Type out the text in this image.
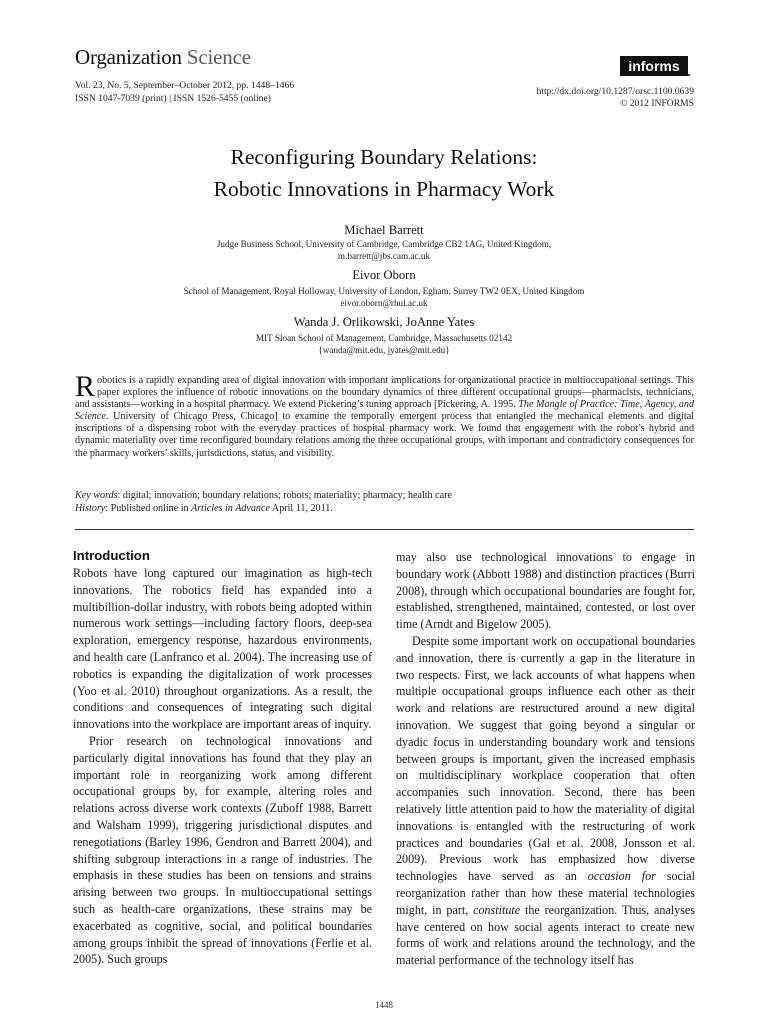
Organization Science
Vol. 23, No. 5, September–October 2012, pp. 1448–1466
ISSN 1047-7039 (print) | ISSN 1526-5455 (online)
informs
http://dx.doi.org/10.1287/orsc.1100.0639
© 2012 INFORMS
Reconfiguring Boundary Relations:
Robotic Innovations in Pharmacy Work
Michael Barrett
Judge Business School, University of Cambridge, Cambridge CB2 1AG, United Kingdom,
m.barrett@jbs.cam.ac.uk
Eivor Oborn
School of Management, Royal Holloway, University of London, Egham, Surrey TW2 0EX, United Kingdom
eivor.oborn@rhul.ac.uk
Wanda J. Orlikowski, JoAnne Yates
MIT Sloan School of Management, Cambridge, Massachusetts 02142
{wanda@mit.edu, jyates@mit.edu}
Robotics is a rapidly expanding area of digital innovation with important implications for organizational practice in multioccupational settings. This paper explores the influence of robotic innovations on the boundary dynamics of three different occupational groups—pharmacists, technicians, and assistants—working in a hospital pharmacy. We extend Pickering’s tuning approach [Pickering, A. 1995. The Mangle of Practice: Time, Agency, and Science. University of Chicago Press, Chicago] to examine the temporally emergent process that entangled the mechanical elements and digital inscriptions of a dispensing robot with the everyday practices of hospital pharmacy work. We found that engagement with the robot’s hybrid and dynamic materiality over time reconfigured boundary relations among the three occupational groups, with important and contradictory consequences for the pharmacy workers’ skills, jurisdictions, status, and visibility.
Key words: digital; innovation; boundary relations; robots; materiality; pharmacy; health care
History: Published online in Articles in Advance April 11, 2011.
Introduction

Robots have long captured our imagination as high-tech innovations. The robotics field has expanded into a multibillion-dollar industry, with robots being adopted within numerous work settings—including factory floors, deep-sea exploration, emergency response, hazardous environments, and health care (Lanfranco et al. 2004). The increasing use of robotics is expanding the digitalization of work processes (Yoo et al. 2010) throughout organizations. As a result, the conditions and consequences of integrating such digital innovations into the workplace are important areas of inquiry.

Prior research on technological innovations and particularly digital innovations has found that they play an important role in reorganizing work among different occupational groups by, for example, altering roles and relations across diverse work contexts (Zuboff 1988, Barrett and Walsham 1999), triggering jurisdictional disputes and renegotiations (Barley 1996, Gendron and Barrett 2004), and shifting subgroup interactions in a range of industries. The emphasis in these studies has been on tensions and strains arising between two groups. In multioccupational settings such as health-care organizations, these strains may be exacerbated as cognitive, social, and political boundaries among groups inhibit the spread of innovations (Ferlie et al. 2005). Such groups

may also use technological innovations to engage in boundary work (Abbott 1988) and distinction practices (Burri 2008), through which occupational boundaries are fought for, established, strengthened, maintained, contested, or lost over time (Arndt and Bigelow 2005).

Despite some important work on occupational boundaries and innovation, there is currently a gap in the literature in two respects. First, we lack accounts of what happens when multiple occupational groups influence each other as their work and relations are restructured around a new digital innovation. We suggest that going beyond a singular or dyadic focus in understanding boundary work and tensions between groups is important, given the increased emphasis on multidisciplinary workplace cooperation that often accompanies such innovation. Second, there has been relatively little attention paid to how the materiality of digital innovations is entangled with the restructuring of work practices and boundaries (Gal et al. 2008, Jonsson et al. 2009). Previous work has emphasized how diverse technologies have served as an occasion for social reorganization rather than how these material technologies might, in part, constitute the reorganization. Thus, analyses have centered on how social agents interact to create new forms of work and relations around the technology, and the material performance of the technology itself has

1448
